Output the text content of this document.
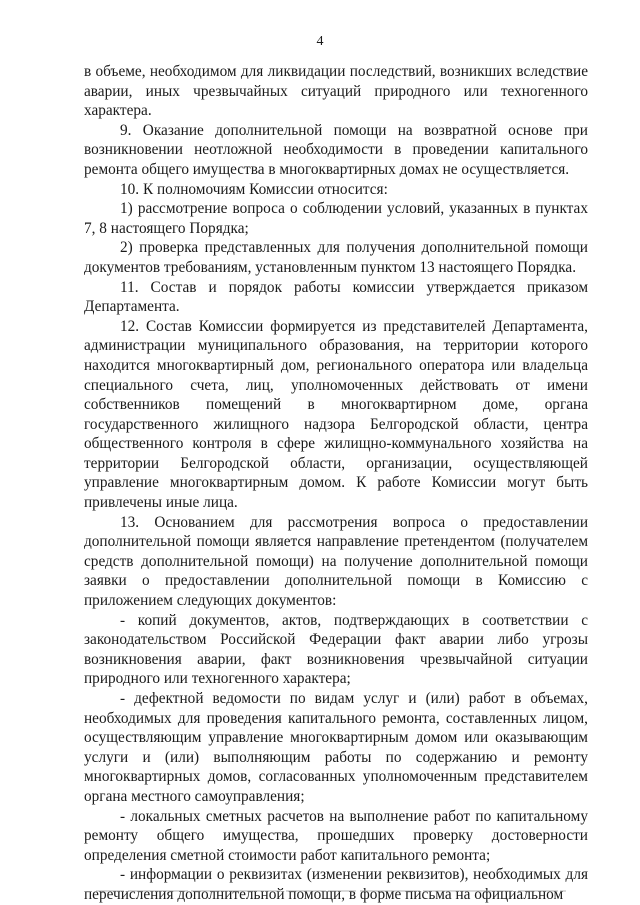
4

в объеме, необходимом для ликвидации последствий, возникших вследствие аварии, иных чрезвычайных ситуаций природного или техногенного характера.

9. Оказание дополнительной помощи на возвратной основе при возникновении неотложной необходимости в проведении капитального ремонта общего имущества в многоквартирных домах не осуществляется.

10. К полномочиям Комиссии относится:

1) рассмотрение вопроса о соблюдении условий, указанных в пунктах 7, 8 настоящего Порядка;

2) проверка представленных для получения дополнительной помощи документов требованиям, установленным пунктом 13 настоящего Порядка.

11. Состав и порядок работы комиссии утверждается приказом Департамента.

12. Состав Комиссии формируется из представителей Департамента, администрации муниципального образования, на территории которого находится многоквартирный дом, регионального оператора или владельца специального счета, лиц, уполномоченных действовать от имени собственников помещений в многоквартирном доме, органа государственного жилищного надзора Белгородской области, центра общественного контроля в сфере жилищно-коммунального хозяйства на территории Белгородской области, организации, осуществляющей управление многоквартирным домом. К работе Комиссии могут быть привлечены иные лица.

13. Основанием для рассмотрения вопроса о предоставлении дополнительной помощи является направление претендентом (получателем средств дополнительной помощи) на получение дополнительной помощи заявки о предоставлении дополнительной помощи в Комиссию с приложением следующих документов:

- копий документов, актов, подтверждающих в соответствии с законодательством Российской Федерации факт аварии либо угрозы возникновения аварии, факт возникновения чрезвычайной ситуации природного или техногенного характера;

- дефектной ведомости по видам услуг и (или) работ в объемах, необходимых для проведения капитального ремонта, составленных лицом, осуществляющим управление многоквартирным домом или оказывающим услуги и (или) выполняющим работы по содержанию и ремонту многоквартирных домов, согласованных уполномоченным представителем органа местного самоуправления;

- локальных сметных расчетов на выполнение работ по капитальному ремонту общего имущества, прошедших проверку достоверности определения сметной стоимости работ капитального ремонта;

- информации о реквизитах (изменении реквизитов), необходимых для перечисления дополнительной помощи, в форме письма на официальном
